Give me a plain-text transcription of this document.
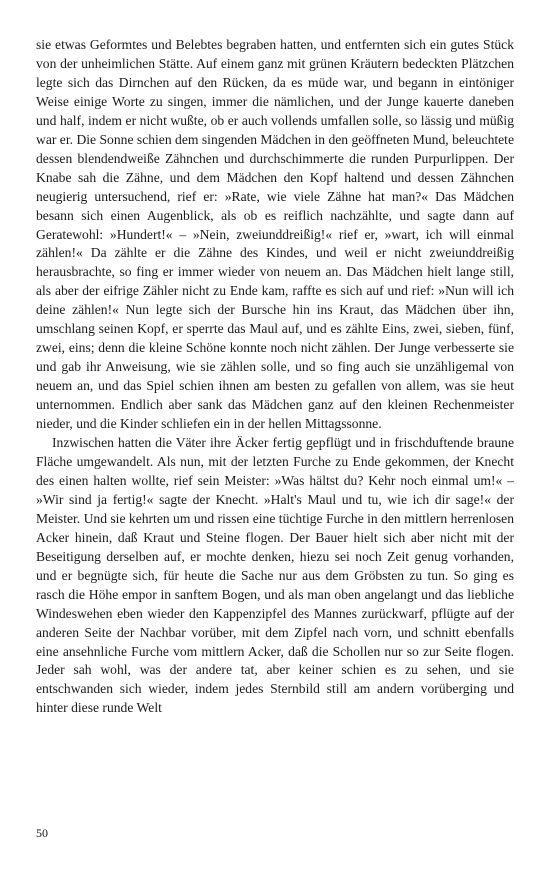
sie etwas Geformtes und Belebtes begraben hatten, und entfernten sich ein gutes Stück von der unheimlichen Stätte. Auf einem ganz mit grünen Kräutern bedeckten Plätzchen legte sich das Dirnchen auf den Rücken, da es müde war, und begann in eintöniger Weise einige Worte zu singen, immer die nämlichen, und der Junge kauerte daneben und half, indem er nicht wußte, ob er auch vollends umfallen solle, so lässig und müßig war er. Die Sonne schien dem singenden Mädchen in den geöffneten Mund, beleuchtete dessen blendendweiße Zähnchen und durchschimmerte die runden Purpurlippen. Der Knabe sah die Zähne, und dem Mädchen den Kopf haltend und dessen Zähnchen neugierig untersuchend, rief er: »Rate, wie viele Zähne hat man?« Das Mädchen besann sich einen Augenblick, als ob es reiflich nachzählte, und sagte dann auf Geratewohl: »Hundert!« – »Nein, zweiunddreißig!« rief er, »wart, ich will einmal zählen!« Da zählte er die Zähne des Kindes, und weil er nicht zweiunddreißig herausbrachte, so fing er immer wieder von neuem an. Das Mädchen hielt lange still, als aber der eifrige Zähler nicht zu Ende kam, raffte es sich auf und rief: »Nun will ich deine zählen!« Nun legte sich der Bursche hin ins Kraut, das Mädchen über ihn, umschlang seinen Kopf, er sperrte das Maul auf, und es zählte Eins, zwei, sieben, fünf, zwei, eins; denn die kleine Schöne konnte noch nicht zählen. Der Junge verbesserte sie und gab ihr Anweisung, wie sie zählen solle, und so fing auch sie unzähligemal von neuem an, und das Spiel schien ihnen am besten zu gefallen von allem, was sie heut unternommen. Endlich aber sank das Mädchen ganz auf den kleinen Rechenmeister nieder, und die Kinder schliefen ein in der hellen Mittagssonne.

Inzwischen hatten die Väter ihre Äcker fertig gepflügt und in frischduftende braune Fläche umgewandelt. Als nun, mit der letzten Furche zu Ende gekommen, der Knecht des einen halten wollte, rief sein Meister: »Was hältst du? Kehr noch einmal um!« – »Wir sind ja fertig!« sagte der Knecht. »Halt's Maul und tu, wie ich dir sage!« der Meister. Und sie kehrten um und rissen eine tüchtige Furche in den mittlern herrenlosen Acker hinein, daß Kraut und Steine flogen. Der Bauer hielt sich aber nicht mit der Beseitigung derselben auf, er mochte denken, hiezu sei noch Zeit genug vorhanden, und er begnügte sich, für heute die Sache nur aus dem Gröbsten zu tun. So ging es rasch die Höhe empor in sanftem Bogen, und als man oben angelangt und das liebliche Windeswehen eben wieder den Kappenzipfel des Mannes zurückwarf, pflügte auf der anderen Seite der Nachbar vorüber, mit dem Zipfel nach vorn, und schnitt ebenfalls eine ansehnliche Furche vom mittlern Acker, daß die Schollen nur so zur Seite flogen. Jeder sah wohl, was der andere tat, aber keiner schien es zu sehen, und sie entschwanden sich wieder, indem jedes Sternbild still am andern vorüberging und hinter diese runde Welt

50
